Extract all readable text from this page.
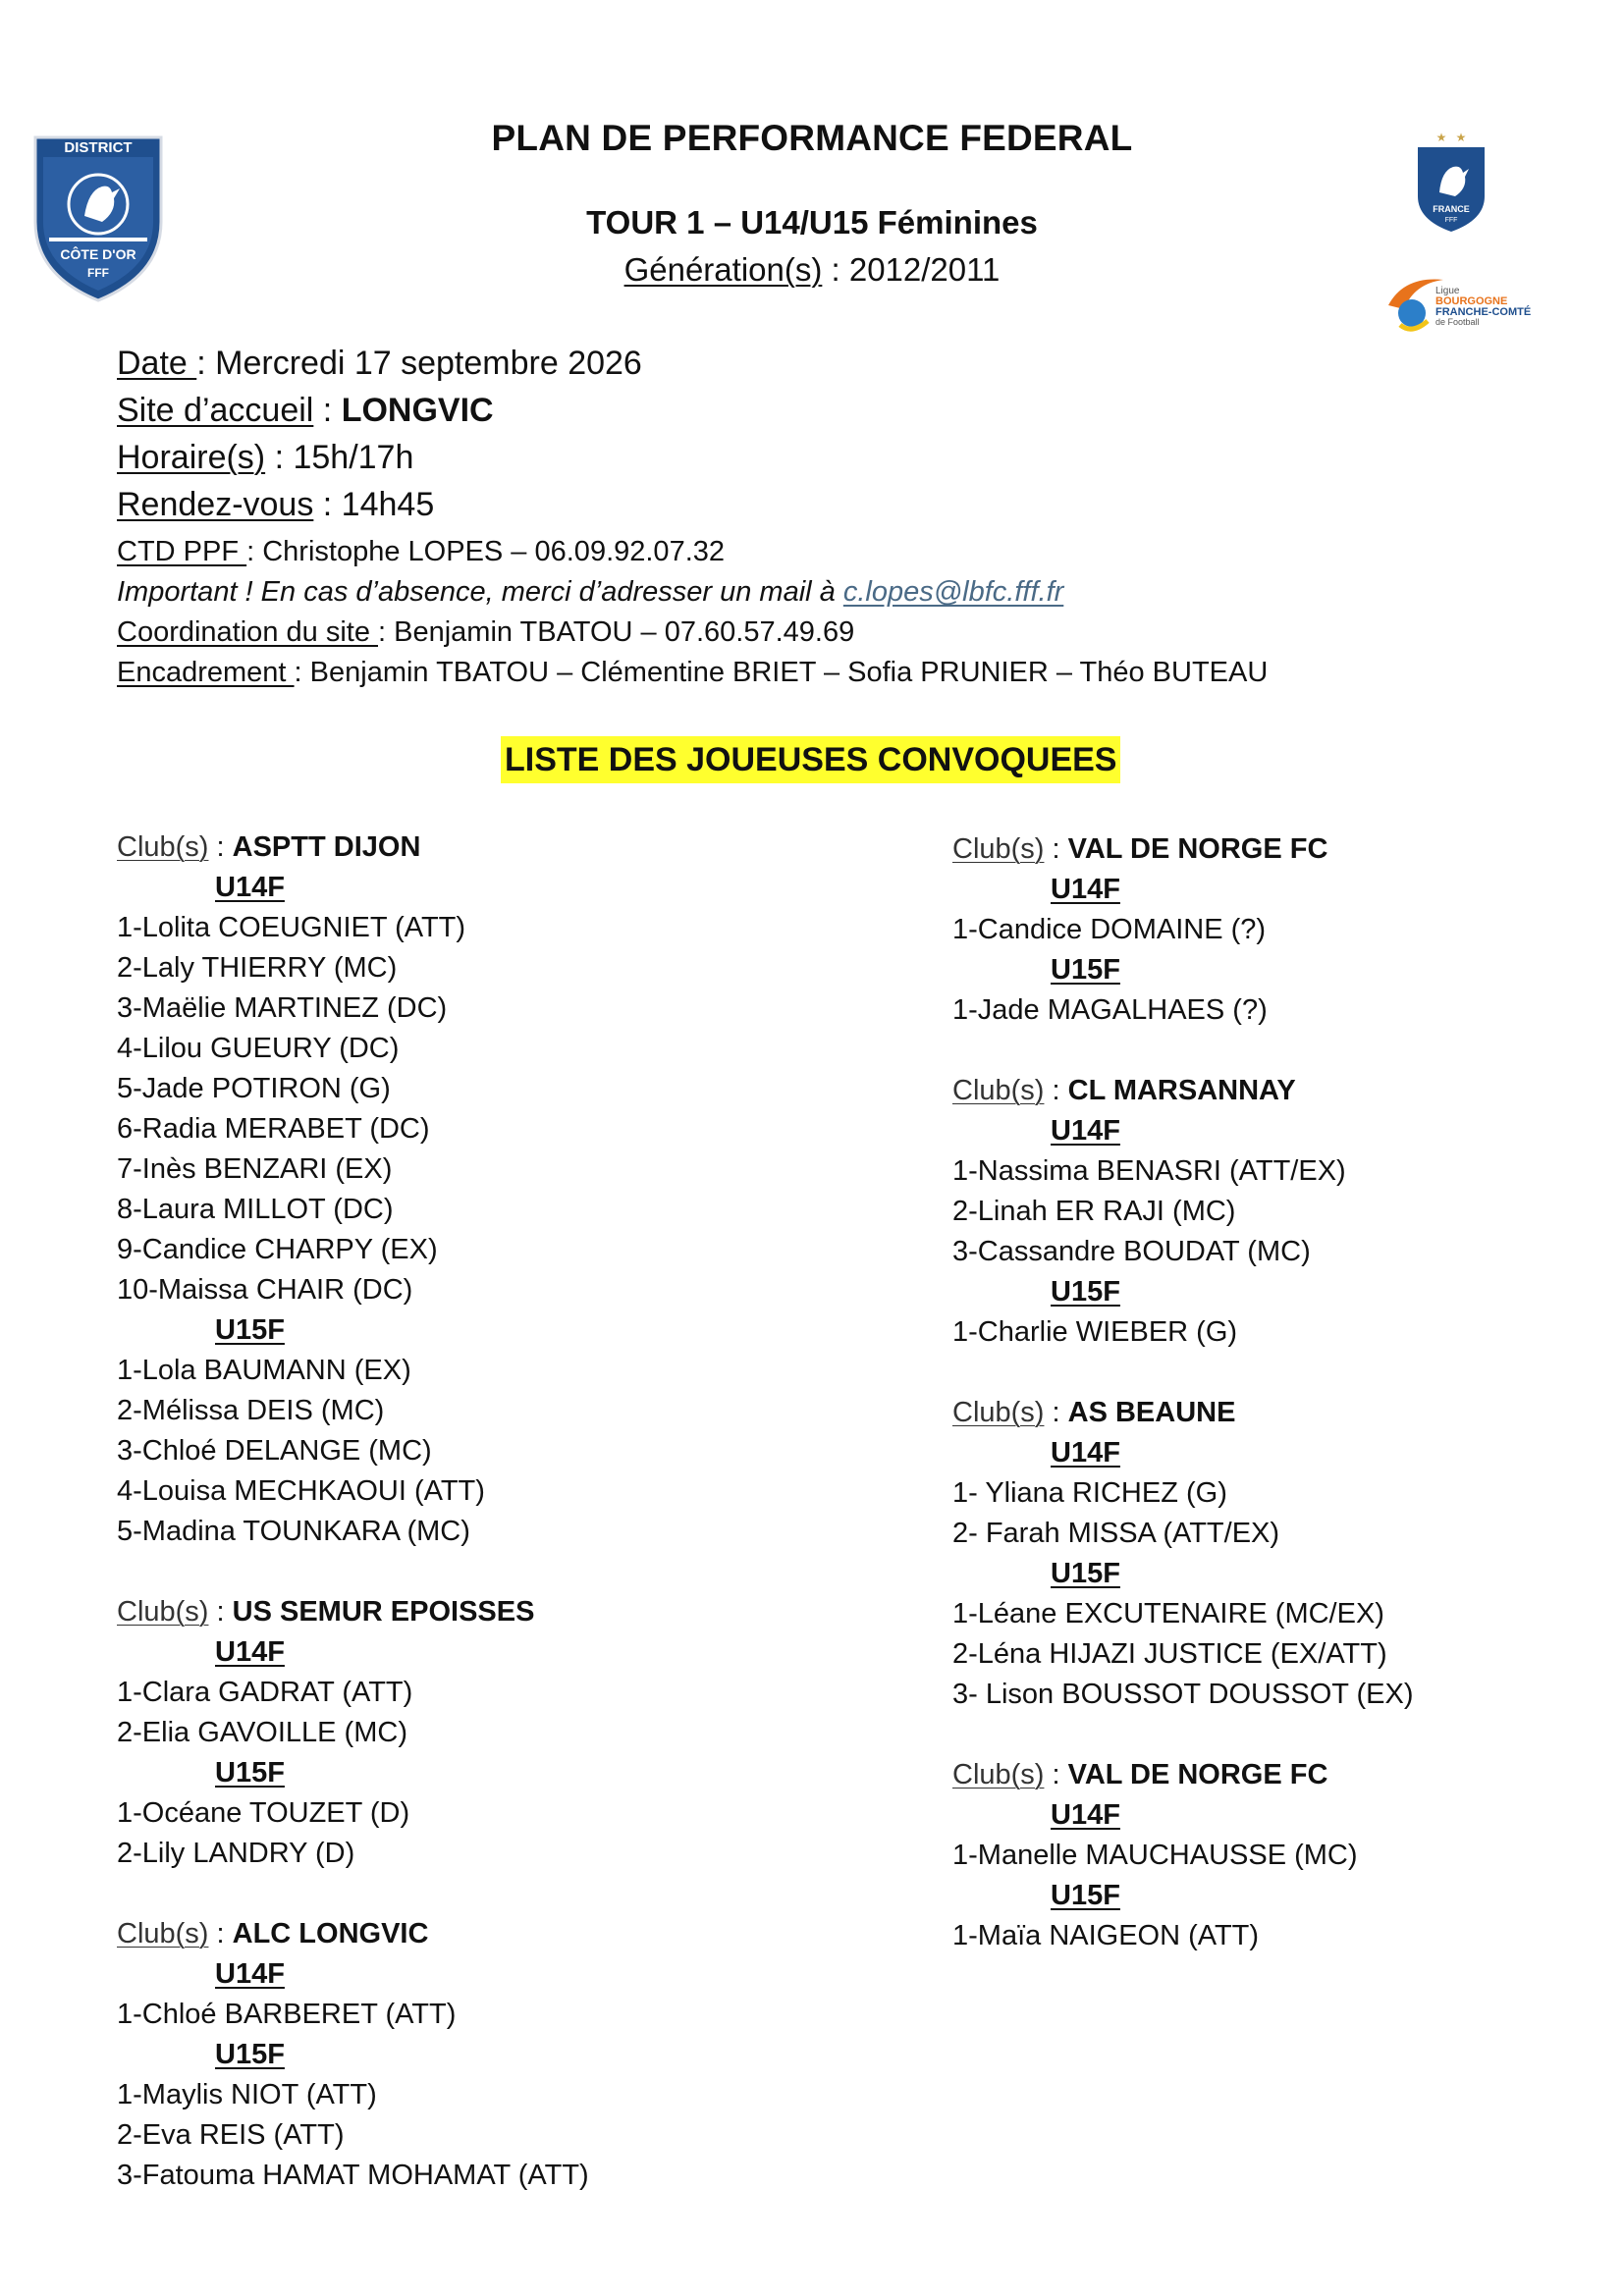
DISTRICT
CÔTE D'OR
FFF
★ ★
FRANCE
FFF
Ligue
BOURGOGNE
FRANCHE-COMTÉ
de Football
PLAN DE PERFORMANCE FEDERAL
TOUR 1 – U14/U15 Féminines
Génération(s) : 2012/2011
Date : Mercredi 17 septembre 2026
Site d’accueil : LONGVIC
Horaire(s) : 15h/17h
Rendez-vous : 14h45
CTD PPF : Christophe LOPES – 06.09.92.07.32
Important ! En cas d’absence, merci d’adresser un mail à c.lopes@lbfc.fff.fr
Coordination du site : Benjamin TBATOU – 07.60.57.49.69
Encadrement : Benjamin TBATOU – Clémentine BRIET – Sofia PRUNIER – Théo BUTEAU
LISTE DES JOUEUSES CONVOQUEES
Club(s) : ASPTT DIJON
U14F
1-Lolita COEUGNIET (ATT)
2-Laly THIERRY (MC)
3-Maëlie MARTINEZ (DC)
4-Lilou GUEURY (DC)
5-Jade POTIRON (G)
6-Radia MERABET (DC)
7-Inès BENZARI (EX)
8-Laura MILLOT (DC)
9-Candice CHARPY (EX)
10-Maissa CHAIR (DC)
U15F
1-Lola BAUMANN (EX)
2-Mélissa DEIS (MC)
3-Chloé DELANGE (MC)
4-Louisa MECHKAOUI (ATT)
5-Madina TOUNKARA (MC)
Club(s) : US SEMUR EPOISSES
U14F
1-Clara GADRAT (ATT)
2-Elia GAVOILLE (MC)
U15F
1-Océane TOUZET (D)
2-Lily LANDRY (D)
Club(s) : ALC LONGVIC
U14F
1-Chloé BARBERET (ATT)
U15F
1-Maylis NIOT (ATT)
2-Eva REIS (ATT)
3-Fatouma HAMAT MOHAMAT (ATT)
Club(s) : VAL DE NORGE FC
U14F
1-Candice DOMAINE (?)
U15F
1-Jade MAGALHAES (?)
Club(s) : CL MARSANNAY
U14F
1-Nassima BENASRI (ATT/EX)
2-Linah ER RAJI (MC)
3-Cassandre BOUDAT (MC)
U15F
1-Charlie WIEBER (G)
Club(s) : AS BEAUNE
U14F
1- Yliana RICHEZ (G)
2- Farah MISSA (ATT/EX)
U15F
1-Léane EXCUTENAIRE (MC/EX)
2-Léna HIJAZI JUSTICE (EX/ATT)
3- Lison BOUSSOT DOUSSOT (EX)
Club(s) : VAL DE NORGE FC
U14F
1-Manelle MAUCHAUSSE (MC)
U15F
1-Maïa NAIGEON (ATT)
